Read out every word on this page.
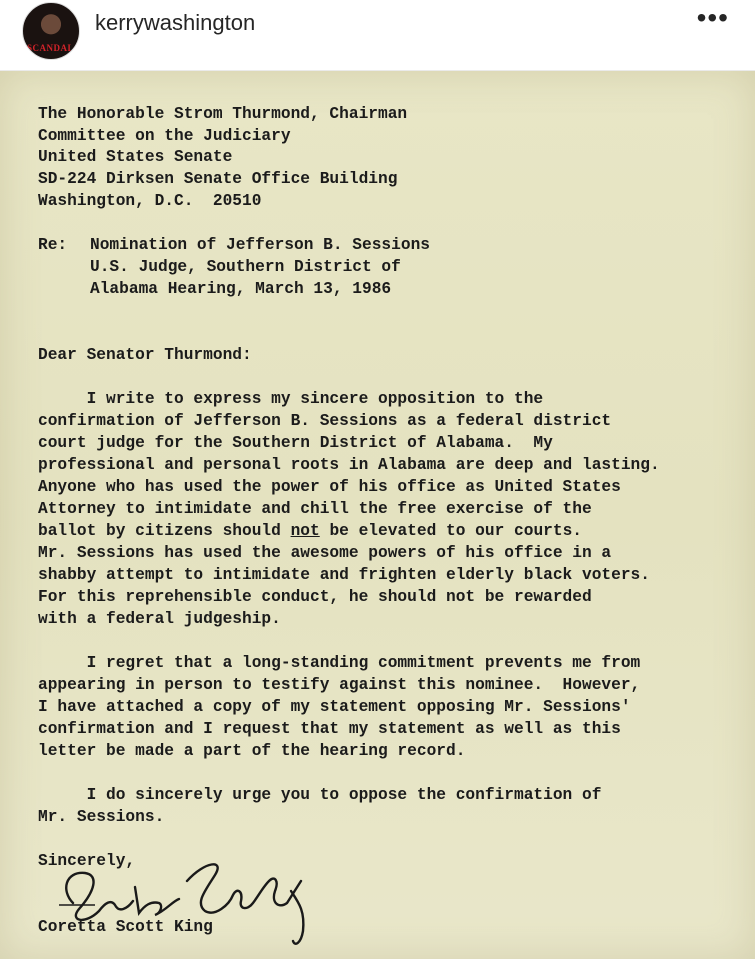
SCANDAL
kerrywashington	•••
The Honorable Strom Thurmond, Chairman
Committee on the Judiciary
United States Senate
SD-224 Dirksen Senate Office Building
Washington, D.C.  20510
Re: Nomination of Jefferson B. Sessions
U.S. Judge, Southern District of
Alabama Hearing, March 13, 1986
Dear Senator Thurmond:
I write to express my sincere opposition to the
confirmation of Jefferson B. Sessions as a federal district
court judge for the Southern District of Alabama.  My
professional and personal roots in Alabama are deep and lasting.
Anyone who has used the power of his office as United States
Attorney to intimidate and chill the free exercise of the
ballot by citizens should not be elevated to our courts.
Mr. Sessions has used the awesome powers of his office in a
shabby attempt to intimidate and frighten elderly black voters.
For this reprehensible conduct, he should not be rewarded
with a federal judgeship.
I regret that a long-standing commitment prevents me from
appearing in person to testify against this nominee.  However,
I have attached a copy of my statement opposing Mr. Sessions'
confirmation and I request that my statement as well as this
letter be made a part of the hearing record.
I do sincerely urge you to oppose the confirmation of
Mr. Sessions.
Sincerely,
Coretta Scott King
